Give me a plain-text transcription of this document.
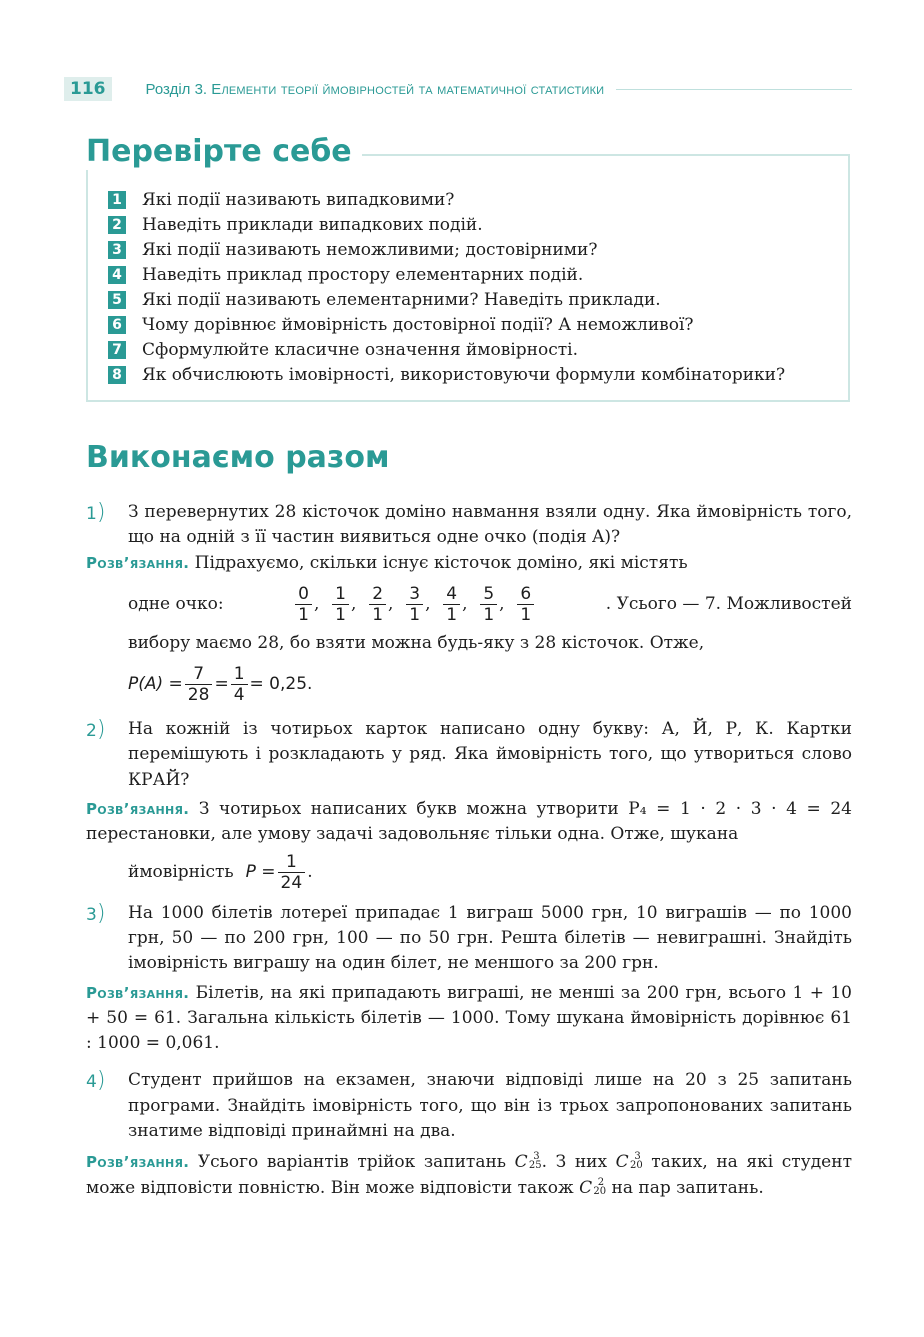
116	Розділ 3. Елементи теорії ймовірностей та математичної статистики
Перевірте себе
1 Які події називають випадковими?
2 Наведіть приклади випадкових подій.
3 Які події називають неможливими; достовірними?
4 Наведіть приклад простору елементарних подій.
5 Які події називають елементарними? Наведіть приклади.
6 Чому дорівнює ймовірність достовірної події? А неможливої?
7 Сформулюйте класичне означення ймовірності.
8 Як обчислюють імовірності, використовуючи формули комбінаторики?
Виконаємо разом
1)	З перевернутих 28 кісточок доміно навмання взяли одну. Яка ймовірність того, що на одній з її частин виявиться одне очко (подія A)?
Розв’язання. Підрахуємо, скільки існує кісточок доміно, які містять
одне очко:	$\frac{0}{1}$ , $\frac{1}{1}$ , $\frac{2}{1}$ , $\frac{3}{1}$ , $\frac{4}{1}$ , $\frac{5}{1}$ , $\frac{6}{1}$	. Усього — 7. Можливостей
вибору маємо 28, бо взяти можна будь-яку з 28 кісточок. Отже,
$P(A) = \frac{7}{28} = \frac{1}{4} = 0,25$.
2)	На кожній із чотирьох карток написано одну букву: А, Й, Р, К. Картки перемішують і розкладають у ряд. Яка ймовірність того, що утвориться слово КРАЙ?
Розв’язання. З чотирьох написаних букв можна утворити P₄ = 1 · 2 · 3 · 4 = 24 перестановки, але умову задачі задовольняє тільки одна. Отже, шукана
ймовірність $P = \frac{1}{24}$ .
3)	На 1000 білетів лотереї припадає 1 виграш 5000 грн, 10 виграшів — по 1000 грн, 50 — по 200 грн, 100 — по 50 грн. Решта білетів — невиграшні. Знайдіть імовірність виграшу на один білет, не меншого за 200 грн.
Розв’язання. Білетів, на які припадають виграші, не менші за 200 грн, всього 1 + 10 + 50 = 61. Загальна кількість білетів — 1000. Тому шукана ймовірність дорівнює 61 : 1000 = 0,061.
4)	Студент прийшов на екзамен, знаючи відповіді лише на 20 з 25 запитань програми. Знайдіть імовірність того, що він із трьох запропонованих запитань знатиме відповіді принаймні на два.
Розв’язання. Усього варіантів трійок запитань C 3
25 . З них C 3
20 таких, на які студент може відповісти повністю. Він може відповісти також C 2
20 на пар запитань.
